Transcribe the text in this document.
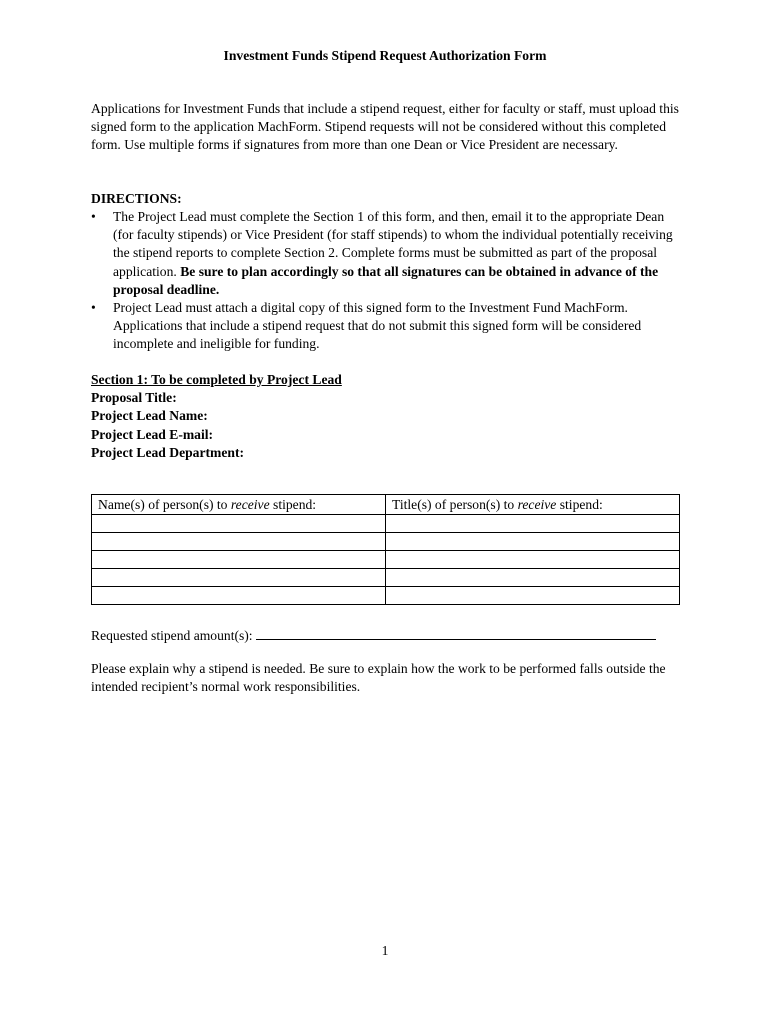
Investment Funds Stipend Request Authorization Form
Applications for Investment Funds that include a stipend request, either for faculty or staff, must upload this signed form to the application MachForm. Stipend requests will not be considered without this completed form. Use multiple forms if signatures from more than one Dean or Vice President are necessary.
DIRECTIONS:
•	The Project Lead must complete the Section 1 of this form, and then, email it to the appropriate Dean (for faculty stipends) or Vice President (for staff stipends) to whom the individual potentially receiving the stipend reports to complete Section 2. Complete forms must be submitted as part of the proposal application. Be sure to plan accordingly so that all signatures can be obtained in advance of the proposal deadline.
•	Project Lead must attach a digital copy of this signed form to the Investment Fund MachForm. Applications that include a stipend request that do not submit this signed form will be considered incomplete and ineligible for funding.
Section 1: To be completed by Project Lead
Proposal Title:
Project Lead Name:
Project Lead E-mail:
Project Lead Department:
Name(s) of person(s) to receive stipend:	Title(s) of person(s) to receive stipend:

Requested stipend amount(s):
Please explain why a stipend is needed. Be sure to explain how the work to be performed falls outside the intended recipient’s normal work responsibilities.
1
